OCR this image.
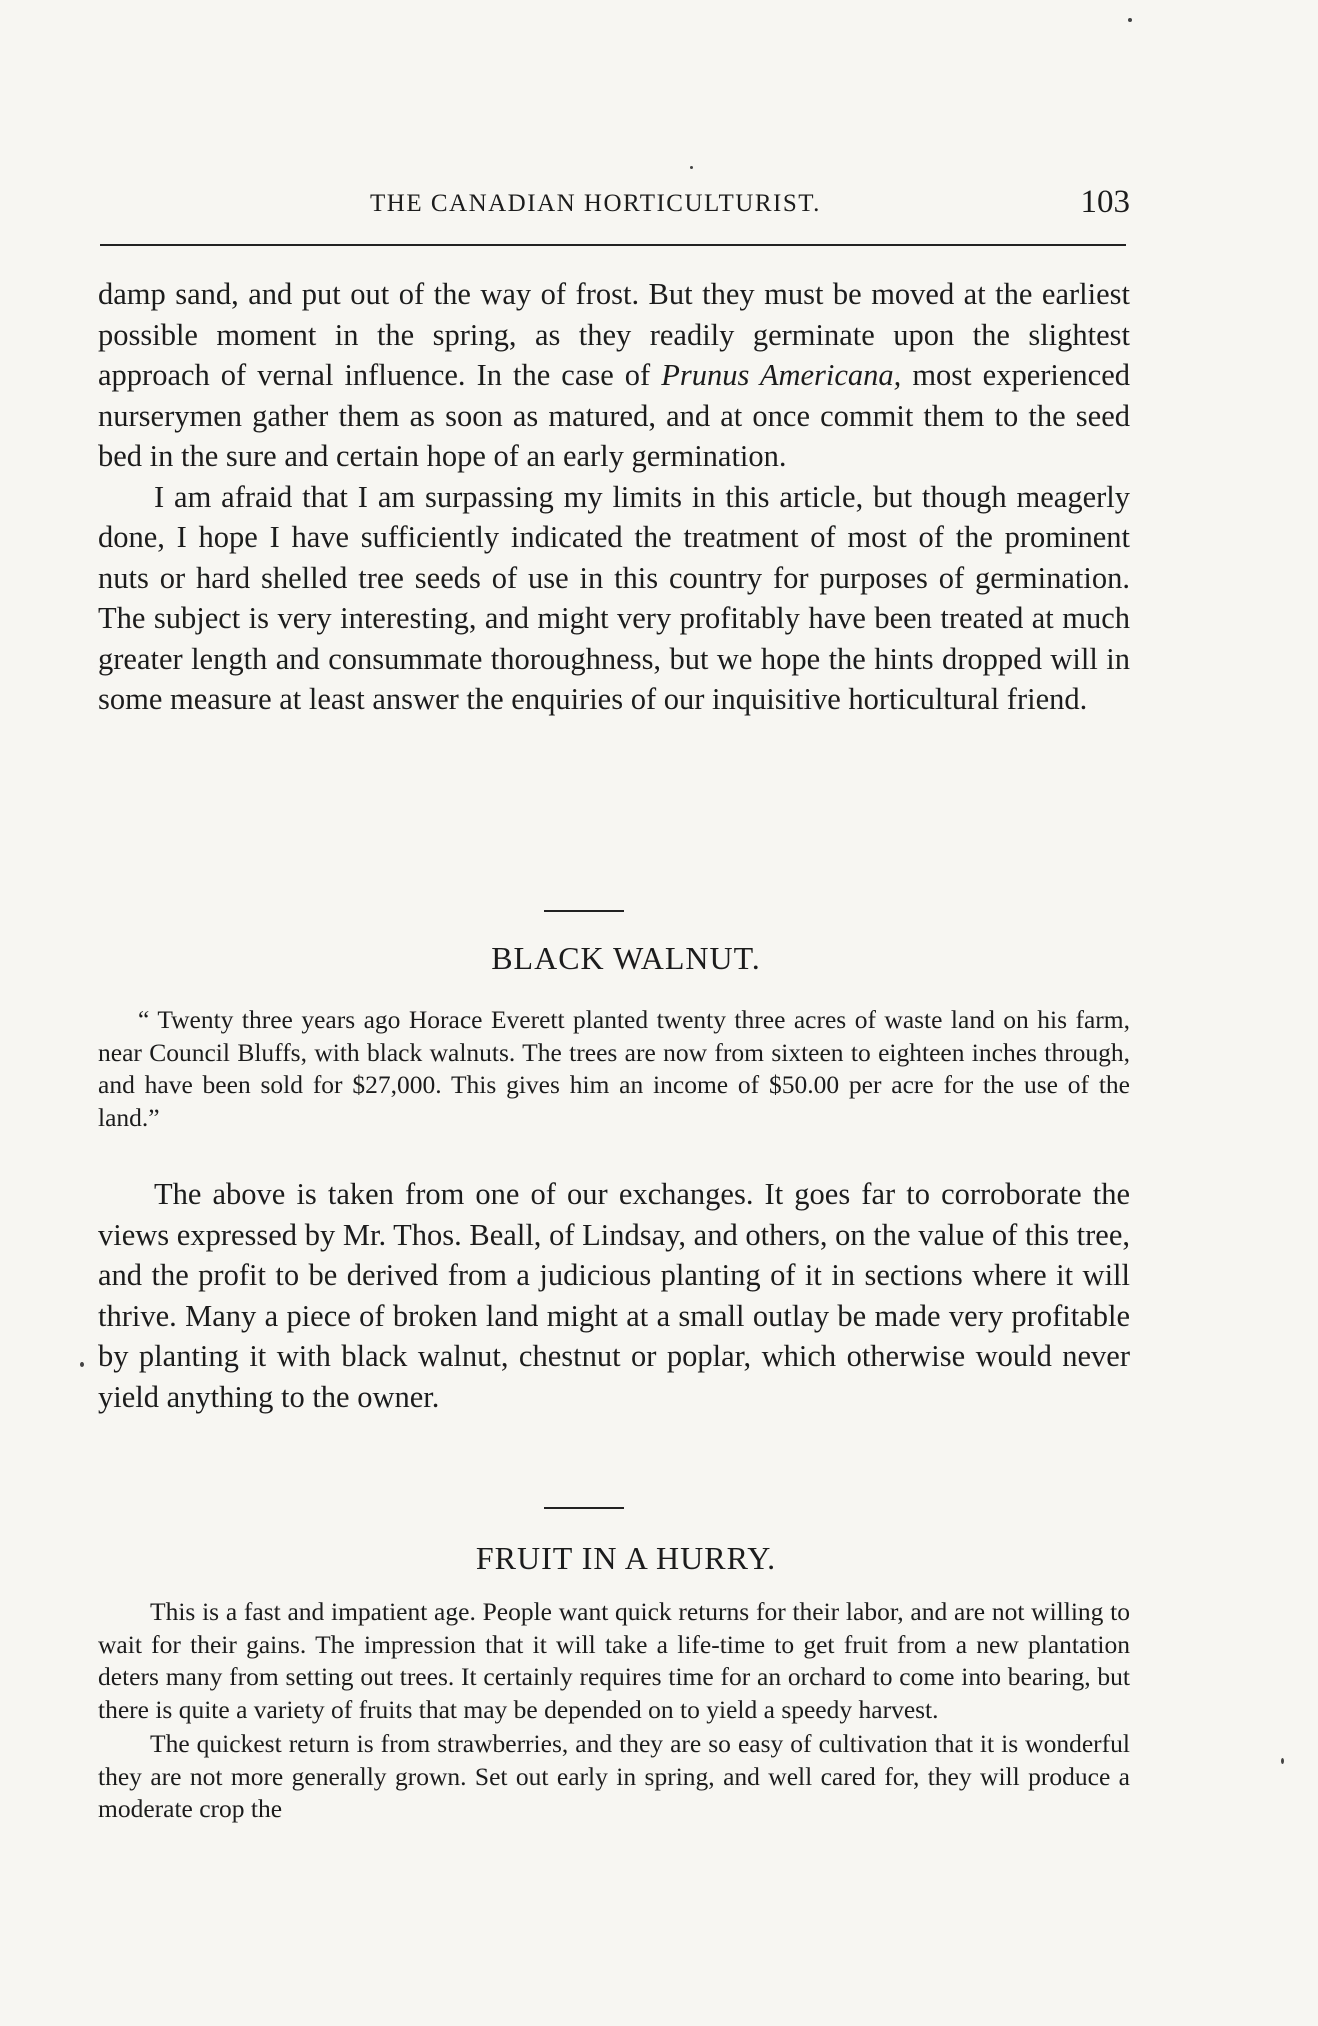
THE CANADIAN HORTICULTURIST.	103

damp sand, and put out of the way of frost. But they must be moved at the earliest possible moment in the spring, as they readily germinate upon the slightest approach of vernal influence. In the case of Prunus Americana, most experienced nurserymen gather them as soon as matured, and at once commit them to the seed bed in the sure and certain hope of an early germination.

I am afraid that I am surpassing my limits in this article, but though meagerly done, I hope I have sufficiently indicated the treatment of most of the prominent nuts or hard shelled tree seeds of use in this country for purposes of germination. The subject is very interesting, and might very profitably have been treated at much greater length and consummate thoroughness, but we hope the hints dropped will in some measure at least answer the enquiries of our inquisitive horticultural friend.

BLACK WALNUT.

“ Twenty three years ago Horace Everett planted twenty three acres of waste land on his farm, near Council Bluffs, with black walnuts. The trees are now from sixteen to eighteen inches through, and have been sold for $27,000. This gives him an income of $50.00 per acre for the use of the land.”

The above is taken from one of our exchanges. It goes far to corroborate the views expressed by Mr. Thos. Beall, of Lindsay, and others, on the value of this tree, and the profit to be derived from a judicious planting of it in sections where it will thrive. Many a piece of broken land might at a small outlay be made very profitable by planting it with black walnut, chestnut or poplar, which otherwise would never yield anything to the owner.

FRUIT IN A HURRY.

This is a fast and impatient age. People want quick returns for their labor, and are not willing to wait for their gains. The impression that it will take a life-time to get fruit from a new plantation deters many from setting out trees. It certainly requires time for an orchard to come into bearing, but there is quite a variety of fruits that may be depended on to yield a speedy harvest.

The quickest return is from strawberries, and they are so easy of cultivation that it is wonderful they are not more generally grown. Set out early in spring, and well cared for, they will produce a moderate crop the
